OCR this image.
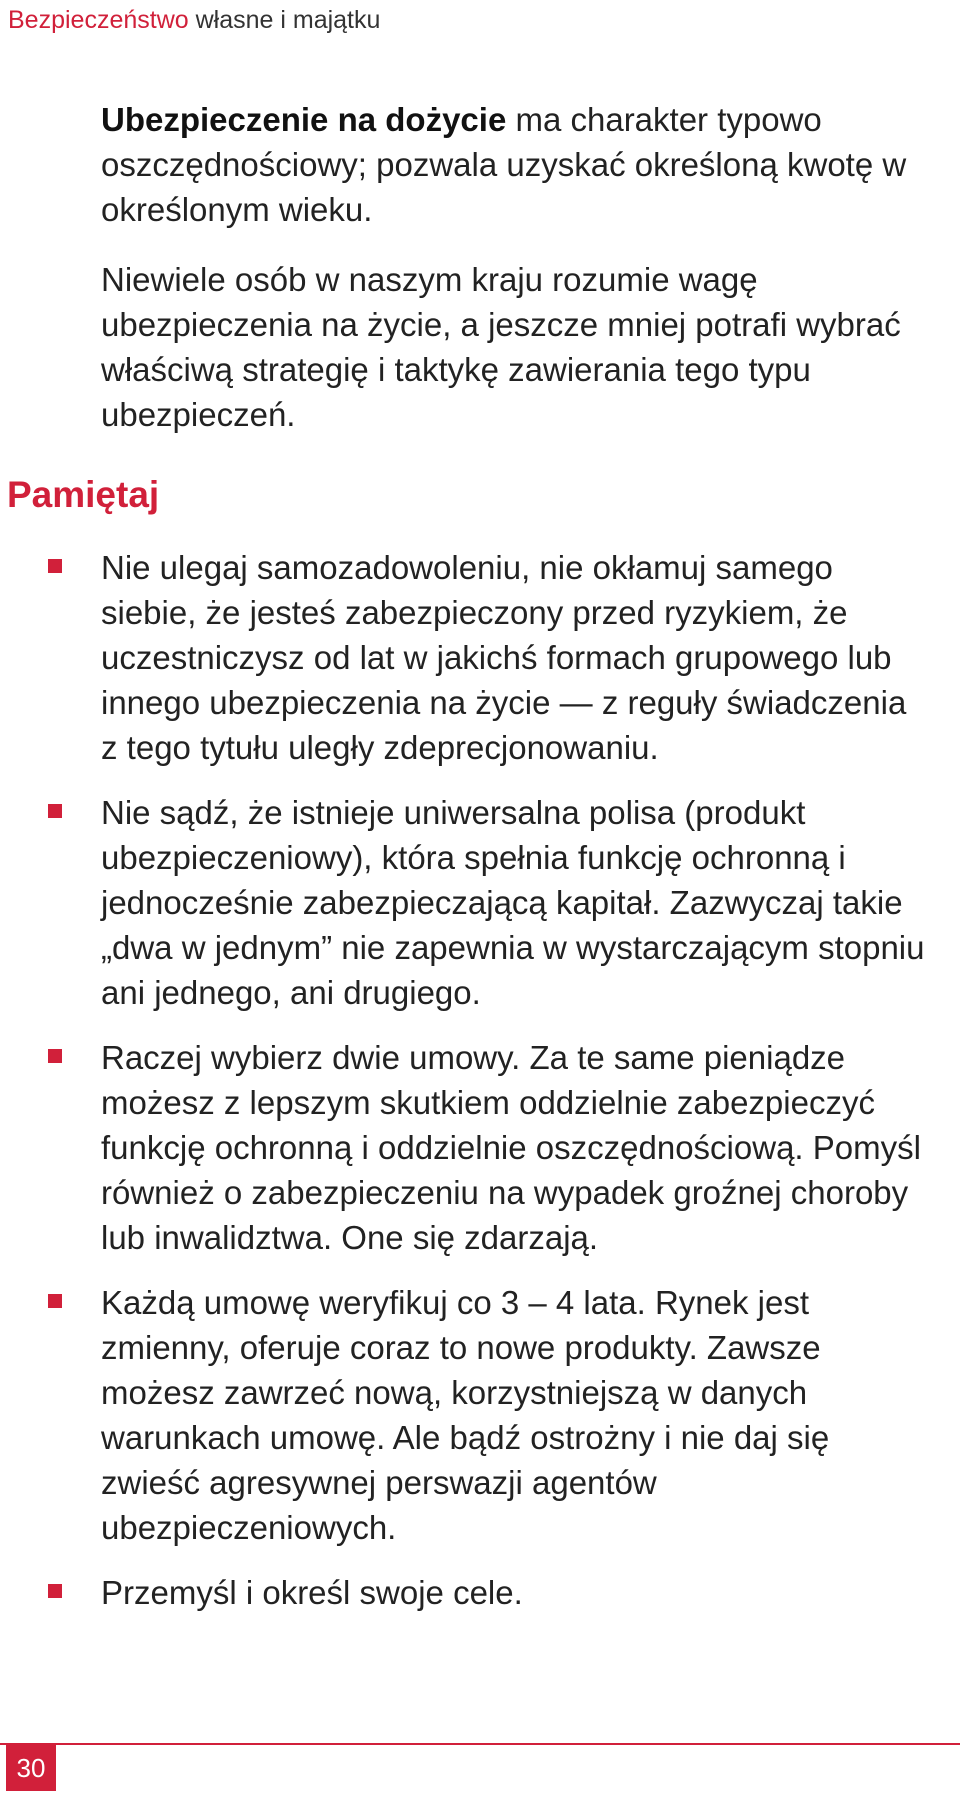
Bezpieczeństwo własne i majątku

Ubezpieczenie na dożycie ma charakter typowo oszczędnościowy; pozwala uzyskać określoną kwotę w określonym wieku.

Niewiele osób w naszym kraju rozumie wagę ubezpieczenia na życie, a jeszcze mniej potrafi wybrać właściwą strategię i taktykę zawierania tego typu ubezpieczeń.

Pamiętaj
Nie ulegaj samozadowoleniu, nie okłamuj samego siebie, że jesteś zabezpieczony przed ryzykiem, że uczestniczysz od lat w jakichś formach grupowego lub innego ubezpieczenia na życie — z reguły świadczenia z tego tytułu uległy zdeprecjonowaniu.
Nie sądź, że istnieje uniwersalna polisa (produkt ubezpieczeniowy), która spełnia funkcję ochronną i jednocześnie zabezpieczającą kapitał. Zazwyczaj takie „dwa w jednym” nie zapewnia w wystarczającym stopniu ani jednego, ani drugiego.
Raczej wybierz dwie umowy. Za te same pieniądze możesz z lepszym skutkiem oddzielnie zabezpieczyć funkcję ochronną i oddzielnie oszczędnościową. Pomyśl również o zabezpieczeniu na wypadek groźnej choroby lub inwalidztwa. One się zdarzają.
Każdą umowę weryfikuj co 3 – 4 lata. Rynek jest zmienny, oferuje coraz to nowe produkty. Zawsze możesz zawrzeć nową, korzystniejszą w danych warunkach umowę. Ale bądź ostrożny i nie daj się zwieść agresywnej perswazji agentów ubezpieczeniowych.
Przemyśl i określ swoje cele.
30
